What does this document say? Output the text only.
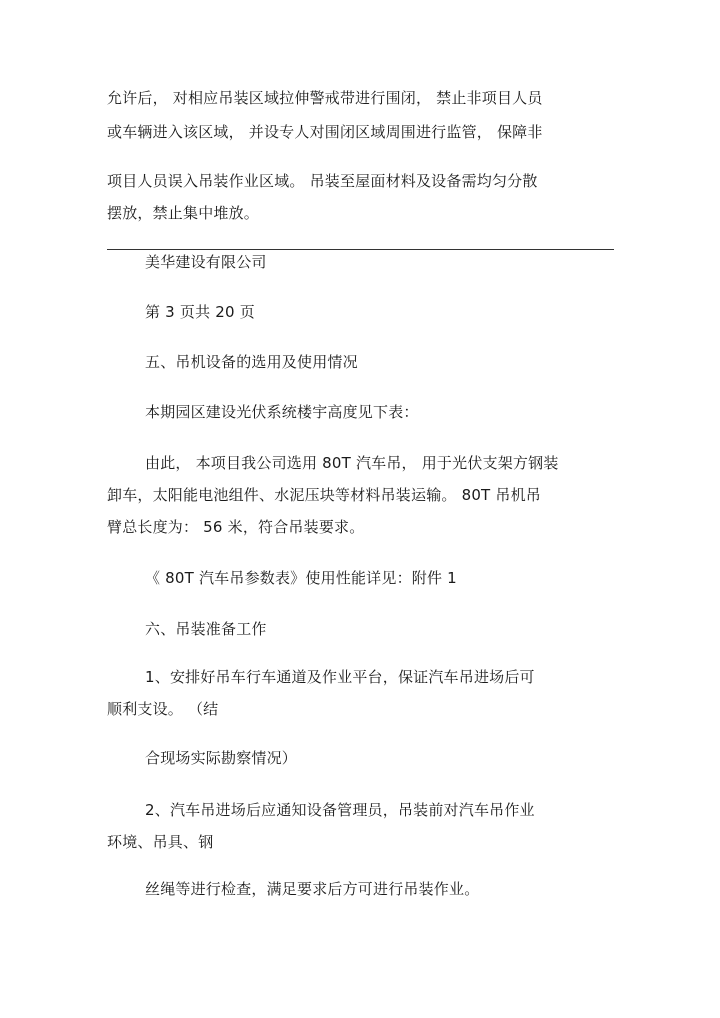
允许后， 对相应吊装区域拉伸警戒带进行围闭， 禁止非项目人员
或车辆进入该区域， 并设专人对围闭区域周围进行监管， 保障非
项目人员误入吊装作业区域。 吊装至屋面材料及设备需均匀分散
摆放，禁止集中堆放。
美华建设有限公司
第 3 页共 20 页
五、吊机设备的选用及使用情况
本期园区建设光伏系统楼宇高度见下表：
由此， 本项目我公司选用 80T 汽车吊， 用于光伏支架方钢装
卸车，太阳能电池组件、水泥压块等材料吊装运输。 80T 吊机吊
臂总长度为： 56 米，符合吊装要求。
《 80T 汽车吊参数表》使用性能详见：附件 1
六、吊装准备工作
1、安排好吊车行车通道及作业平台，保证汽车吊进场后可
顺利支设。 （结
合现场实际勘察情况）
2、汽车吊进场后应通知设备管理员，吊装前对汽车吊作业
环境、吊具、钢
丝绳等进行检查，满足要求后方可进行吊装作业。
